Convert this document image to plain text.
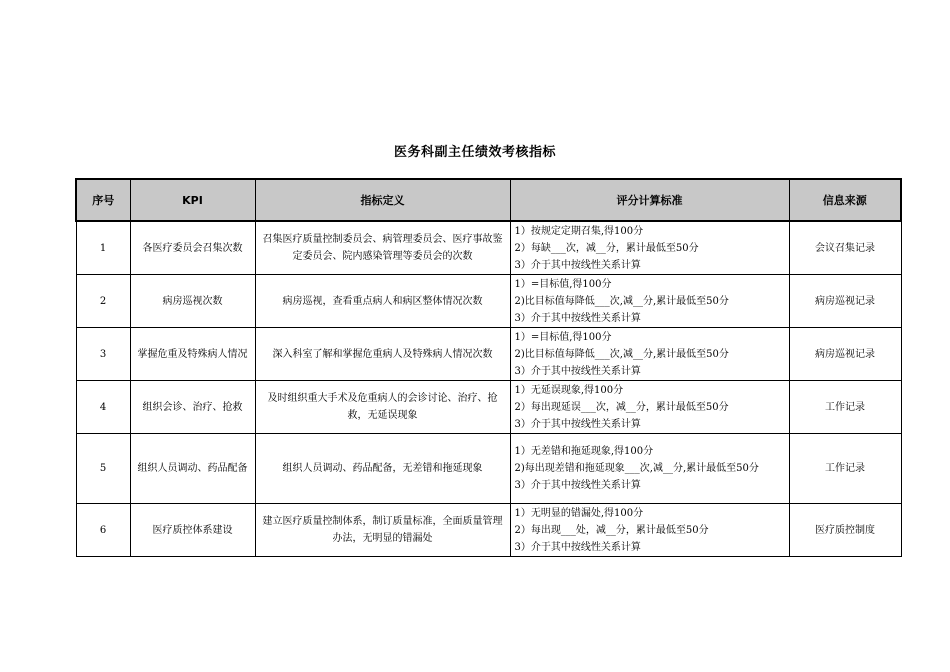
医务科副主任绩效考核指标
序号	KPI	指标定义	评分计算标准	信息来源
1	各医疗委员会召集次数	召集医疗质量控制委员会、病管理委员会、医疗事故鉴定委员会、院内感染管理等委员会的次数	1）按规定定期召集,得100分
2）每缺___次，减__分，累计最低至50分
3）介于其中按线性关系计算	会议召集记录
2	病房巡视次数	病房巡视，查看重点病人和病区整体情况次数	1）=目标值,得100分
2)比目标值每降低___次,减__分,累计最低至50分
3）介于其中按线性关系计算	病房巡视记录
3	掌握危重及特殊病人情况	深入科室了解和掌握危重病人及特殊病人情况次数	1）=目标值,得100分
2)比目标值每降低___次,减__分,累计最低至50分
3）介于其中按线性关系计算	病房巡视记录
4	组织会诊、治疗、抢救	及时组织重大手术及危重病人的会诊讨论、治疗、抢救，无延误现象	1）无延误现象,得100分
2）每出现延误___次，减__分，累计最低至50分
3）介于其中按线性关系计算	工作记录
5	组织人员调动、药品配备	组织人员调动、药品配备，无差错和拖延现象	1）无差错和拖延现象,得100分
2)每出现差错和拖延现象___次,减__分,累计最低至50分
3）介于其中按线性关系计算	工作记录
6	医疗质控体系建设	建立医疗质量控制体系，制订质量标准，全面质量管理办法，无明显的错漏处	1）无明显的错漏处,得100分
2）每出现___处，减__分，累计最低至50分
3）介于其中按线性关系计算	医疗质控制度
